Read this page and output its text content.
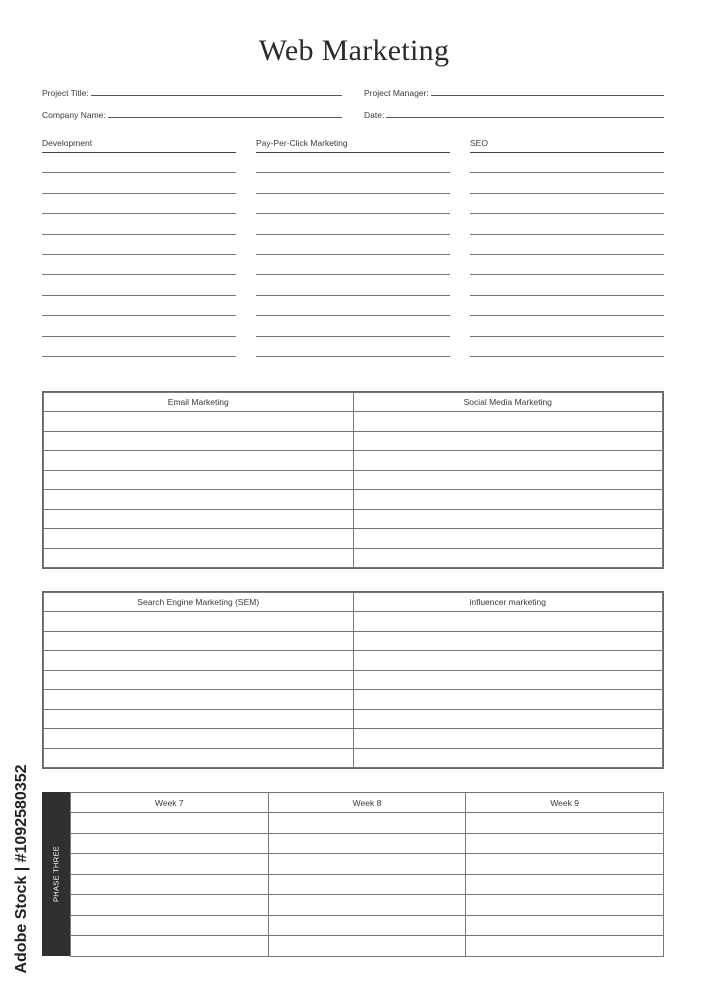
Web Marketing
Project Title:
Company Name:
Project Manager:
Date:
Development	Pay-Per-Click Marketing	SEO
Email Marketing	Social Media Marketing

Search Engine Marketing (SEM)	influencer marketing

PHASE THREE
Week 7	Week 8	Week 9

Adobe Stock | #1092580352
